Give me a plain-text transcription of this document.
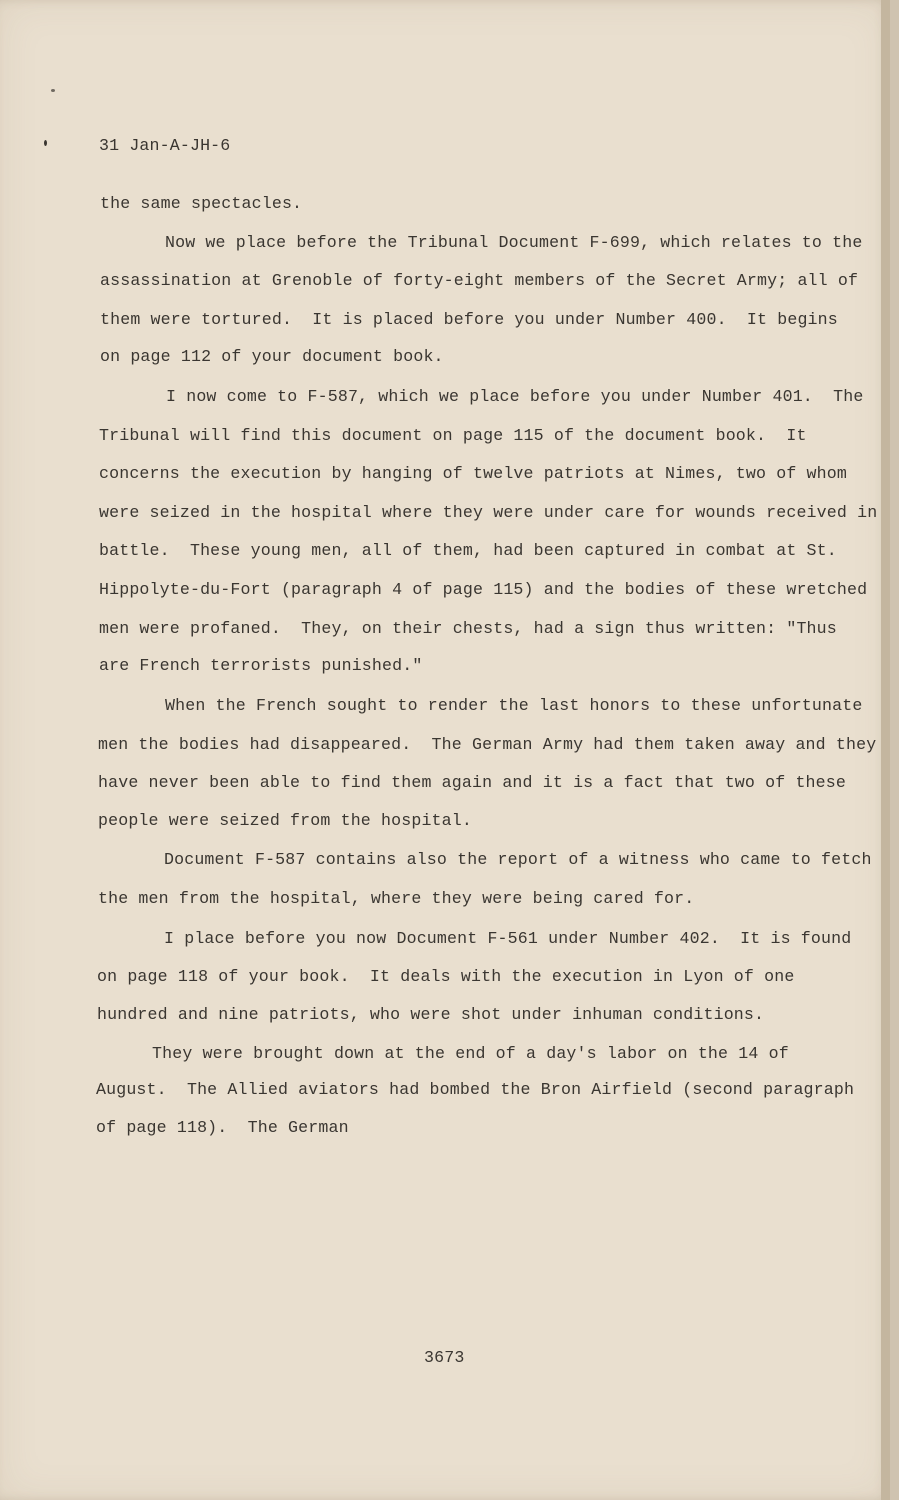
31 Jan-A-JH-6
the same spectacles.
Now we place before the Tribunal Document F-699, which relates to the
assassination at Grenoble of forty-eight members of the Secret Army; all of
them were tortured.  It is placed before you under Number 400.  It begins
on page 112 of your document book.
I now come to F-587, which we place before you under Number 401.  The
Tribunal will find this document on page 115 of the document book.  It
concerns the execution by hanging of twelve patriots at Nimes, two of whom
were seized in the hospital where they were under care for wounds received in
battle.  These young men, all of them, had been captured in combat at St.
Hippolyte-du-Fort (paragraph 4 of page 115) and the bodies of these wretched
men were profaned.  They, on their chests, had a sign thus written: "Thus
are French terrorists punished."
When the French sought to render the last honors to these unfortunate
men the bodies had disappeared.  The German Army had them taken away and they
have never been able to find them again and it is a fact that two of these
people were seized from the hospital.
Document F-587 contains also the report of a witness who came to fetch
the men from the hospital, where they were being cared for.
I place before you now Document F-561 under Number 402.  It is found
on page 118 of your book.  It deals with the execution in Lyon of one
hundred and nine patriots, who were shot under inhuman conditions.
They were brought down at the end of a day's labor on the 14 of
August.  The Allied aviators had bombed the Bron Airfield (second paragraph
of page 118).  The German
3673
